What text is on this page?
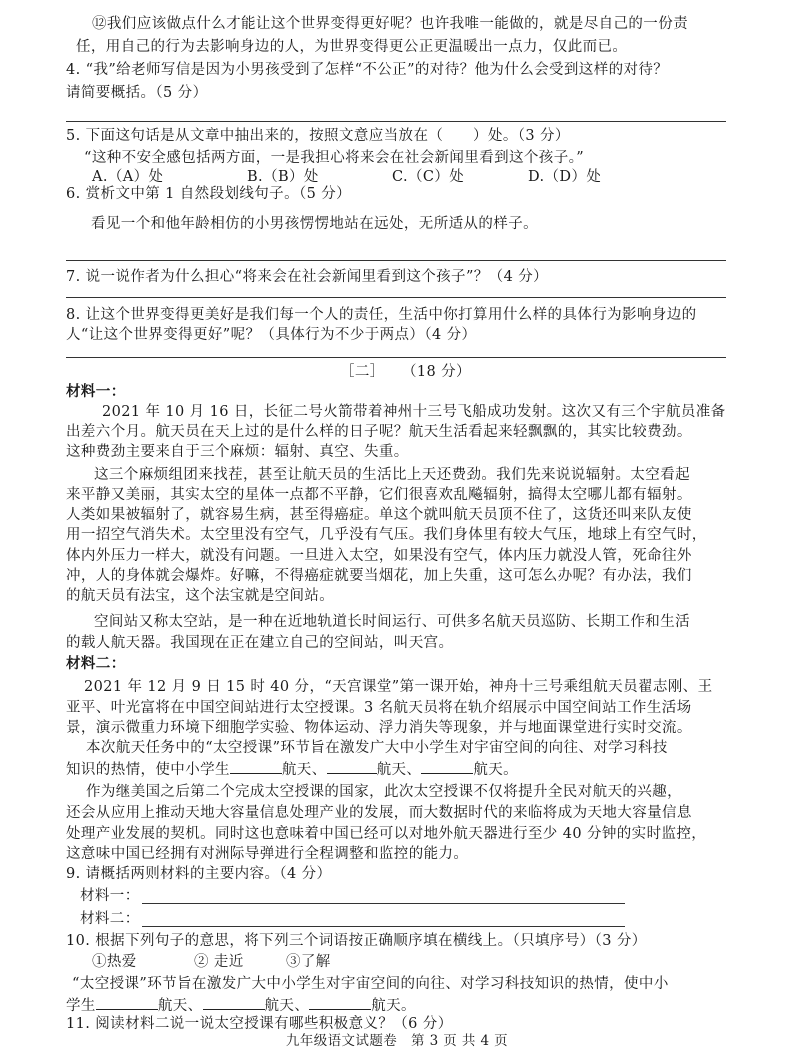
⑫我们应该做点什么才能让这个世界变得更好呢？也许我唯一能做的，就是尽自己的一份责
任，用自己的行为去影响身边的人，为世界变得更公正更温暖出一点力，仅此而已。
4. “我”给老师写信是因为小男孩受到了怎样“不公正”的对待？他为什么会受到这样的对待？
请简要概括。（5 分）
5. 下面这句话是从文章中抽出来的，按照文意应当放在（　　）处。（3 分）
“这种不安全感包括两方面，一是我担心将来会在社会新闻里看到这个孩子。”
A.（A）处	B.（B）处	C.（C）处	D.（D）处
6. 赏析文中第 1 自然段划线句子。（5 分）
看见一个和他年龄相仿的小男孩愣愣地站在远处，无所适从的样子。
7. 说一说作者为什么担心“将来会在社会新闻里看到这个孩子”？（4 分）
8. 让这个世界变得更美好是我们每一个人的责任，生活中你打算用什么样的具体行为影响身边的
人“让这个世界变得更好”呢？（具体行为不少于两点）（4 分）
［二］ （18 分）
材料一：
2021 年 10 月 16 日，长征二号火箭带着神州十三号飞船成功发射。这次又有三个宇航员准备
出差六个月。航天员在天上过的是什么样的日子呢？航天生活看起来轻飘飘的，其实比较费劲。
这种费劲主要来自于三个麻烦：辐射、真空、失重。
这三个麻烦组团来找茬，甚至让航天员的生活比上天还费劲。我们先来说说辐射。太空看起
来平静又美丽，其实太空的星体一点都不平静，它们很喜欢乱飚辐射，搞得太空哪儿都有辐射。
人类如果被辐射了，就容易生病，甚至得癌症。单这个就叫航天员顶不住了，这货还叫来队友使
用一招空气消失术。太空里没有空气，几乎没有气压。我们身体里有较大气压，地球上有空气时，
体内外压力一样大，就没有问题。一旦进入太空，如果没有空气，体内压力就没人管，死命往外
冲，人的身体就会爆炸。好嘛，不得癌症就要当烟花，加上失重，这可怎么办呢？有办法，我们
的航天员有法宝，这个法宝就是空间站。
空间站又称太空站，是一种在近地轨道长时间运行、可供多名航天员巡防、长期工作和生活
的载人航天器。我国现在正在建立自己的空间站，叫天宫。
材料二：
2021 年 12 月 9 日 15 时 40 分，“天宫课堂”第一课开始，神舟十三号乘组航天员翟志刚、王
亚平、叶光富将在中国空间站进行太空授课。3 名航天员将在轨介绍展示中国空间站工作生活场
景，演示微重力环境下细胞学实验、物体运动、浮力消失等现象，并与地面课堂进行实时交流。
本次航天任务中的“太空授课”环节旨在激发广大中小学生对宇宙空间的向往、对学习科技
知识的热情，使中小学生	航天、	航天、	航天。
作为继美国之后第二个完成太空授课的国家，此次太空授课不仅将提升全民对航天的兴趣，
还会从应用上推动天地大容量信息处理产业的发展，而大数据时代的来临将成为天地大容量信息
处理产业发展的契机。同时这也意味着中国已经可以对地外航天器进行至少 40 分钟的实时监控，
这意味中国已经拥有对洲际导弹进行全程调整和监控的能力。
9. 请概括两则材料的主要内容。（4 分）
材料一：
材料二：
10. 根据下列句子的意思，将下列三个词语按正确顺序填在横线上。（只填序号）（3 分）
①热爱	② 走近	③了解
“太空授课”环节旨在激发广大中小学生对宇宙空间的向往、对学习科技知识的热情，使中小
学生	航天、	航天、	航天。
11. 阅读材料二说一说太空授课有哪些积极意义？（6 分）
九年级语文试题卷　第 3 页 共 4 页
